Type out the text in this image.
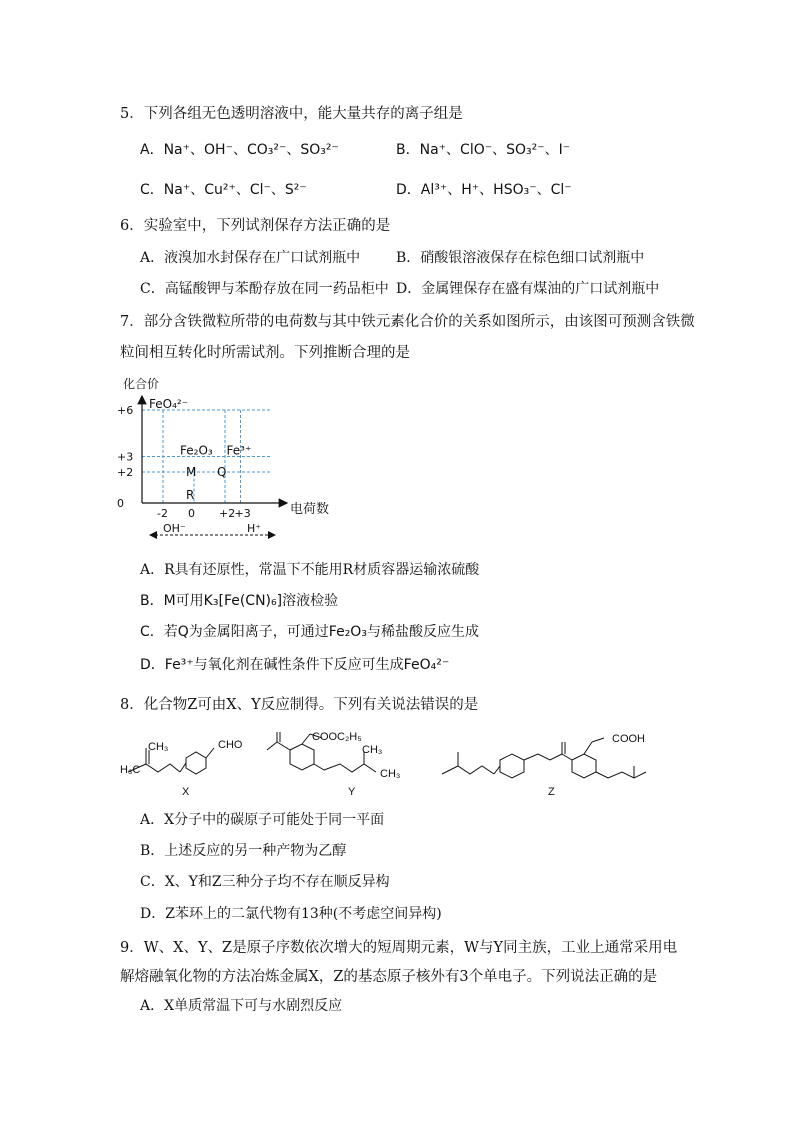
5．下列各组无色透明溶液中，能大量共存的离子组是
A．Na⁺、OH⁻、CO₃²⁻、SO₃²⁻	B．Na⁺、ClO⁻、SO₃²⁻、I⁻
C．Na⁺、Cu²⁺、Cl⁻、S²⁻	D．Al³⁺、H⁺、HSO₃⁻、Cl⁻
6．实验室中，下列试剂保存方法正确的是
A．液溴加水封保存在广口试剂瓶中	B．硝酸银溶液保存在棕色细口试剂瓶中
C．高锰酸钾与苯酚存放在同一药品柜中 D．金属锂保存在盛有煤油的广口试剂瓶中
7．部分含铁微粒所带的电荷数与其中铁元素化合价的关系如图所示，由该图可预测含铁微
粒间相互转化时所需试剂。下列推断合理的是
化合价
+6
+3
+2
0
-2 0 +2 +3
FeO₄²⁻
Fe₂O₃ Fe³⁺
M Q
R
OH⁻	H⁺
电荷数
A．R具有还原性，常温下不能用R材质容器运输浓硫酸
B．M可用K₃[Fe(CN)₆]溶液检验
C．若Q为金属阳离子，可通过Fe₂O₃与稀盐酸反应生成
D．Fe³⁺与氧化剂在碱性条件下反应可生成FeO₄²⁻
8．化合物Z可由X、Y反应制得。下列有关说法错误的是
H₃C
CH₃	CHO
X
COOC₂H₅
CH₃
CH₃
Y
COOH
Z
A．X分子中的碳原子可能处于同一平面
B．上述反应的另一种产物为乙醇
C．X、Y和Z三种分子均不存在顺反异构
D．Z苯环上的二氯代物有13种(不考虑空间异构)
9．W、X、Y、Z是原子序数依次增大的短周期元素，W与Y同主族，工业上通常采用电
解熔融氧化物的方法冶炼金属X，Z的基态原子核外有3个单电子。下列说法正确的是
A．X单质常温下可与水剧烈反应
